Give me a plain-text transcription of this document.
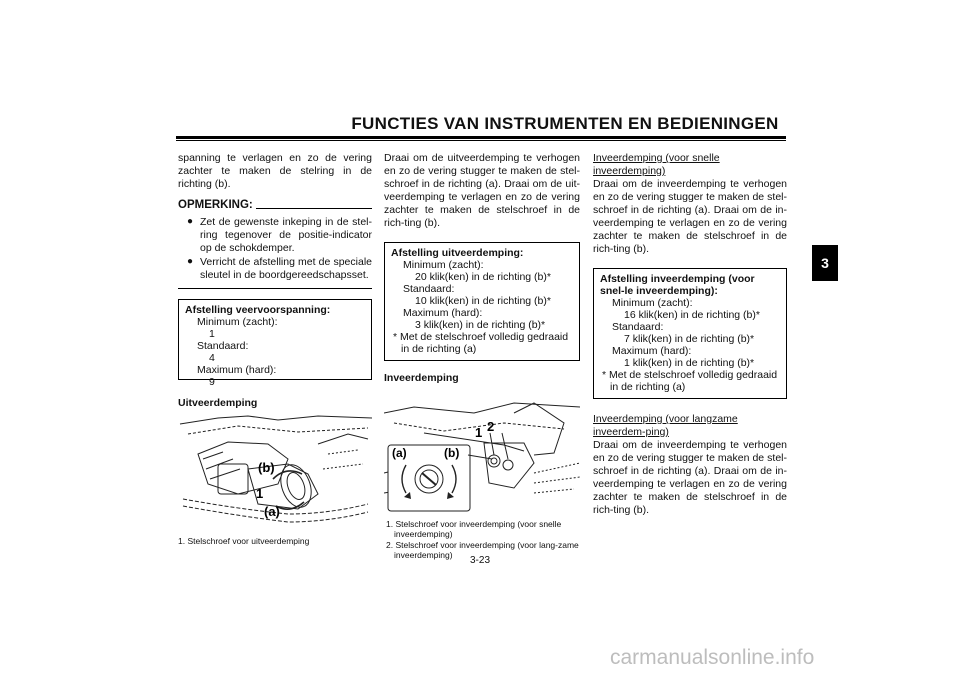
FUNCTIES VAN INSTRUMENTEN EN BEDIENINGEN
3
spanning te verlagen en zo de vering zachter te maken de stelring in de richting (b).
OPMERKING:
● Zet de gewenste inkeping in de stel-ring tegenover de positie-indicator op de schokdemper.
● Verricht de afstelling met de speciale sleutel in de boordgereedschapsset.
Afstelling veervoorspanning:
Minimum (zacht):
1
Standaard:
4
Maximum (hard):
9
Uitveerdemping
(b)
1
(a)
1. Stelschroef voor uitveerdemping
Draai om de uitveerdemping te verhogen en zo de vering stugger te maken de stel-schroef in de richting (a). Draai om de uit-veerdemping te verlagen en zo de vering zachter te maken de stelschroef in de rich-ting (b).
Afstelling uitveerdemping:
Minimum (zacht):
20 klik(ken) in de richting (b)*
Standaard:
10 klik(ken) in de richting (b)*
Maximum (hard):
3 klik(ken) in de richting (b)*
* Met de stelschroef volledig gedraaid in de richting (a)
Inveerdemping
(a)	(b)
1 2
1. Stelschroef voor inveerdemping (voor snelle inveerdemping)
2. Stelschroef voor inveerdemping (voor lang-zame inveerdemping)
Inveerdemping (voor snelle inveerdemping)
Draai om de inveerdemping te verhogen en zo de vering stugger te maken de stel-schroef in de richting (a). Draai om de in-veerdemping te verlagen en zo de vering zachter te maken de stelschroef in de rich-ting (b).
Afstelling inveerdemping (voor snel-le inveerdemping):
Minimum (zacht):
16 klik(ken) in de richting (b)*
Standaard:
7 klik(ken) in de richting (b)*
Maximum (hard):
1 klik(ken) in de richting (b)*
* Met de stelschroef volledig gedraaid in de richting (a)
Inveerdemping (voor langzame inveerdem-ping)
Draai om de inveerdemping te verhogen en zo de vering stugger te maken de stel-schroef in de richting (a). Draai om de in-veerdemping te verlagen en zo de vering zachter te maken de stelschroef in de rich-ting (b).
3-23
carmanualsonline.info
